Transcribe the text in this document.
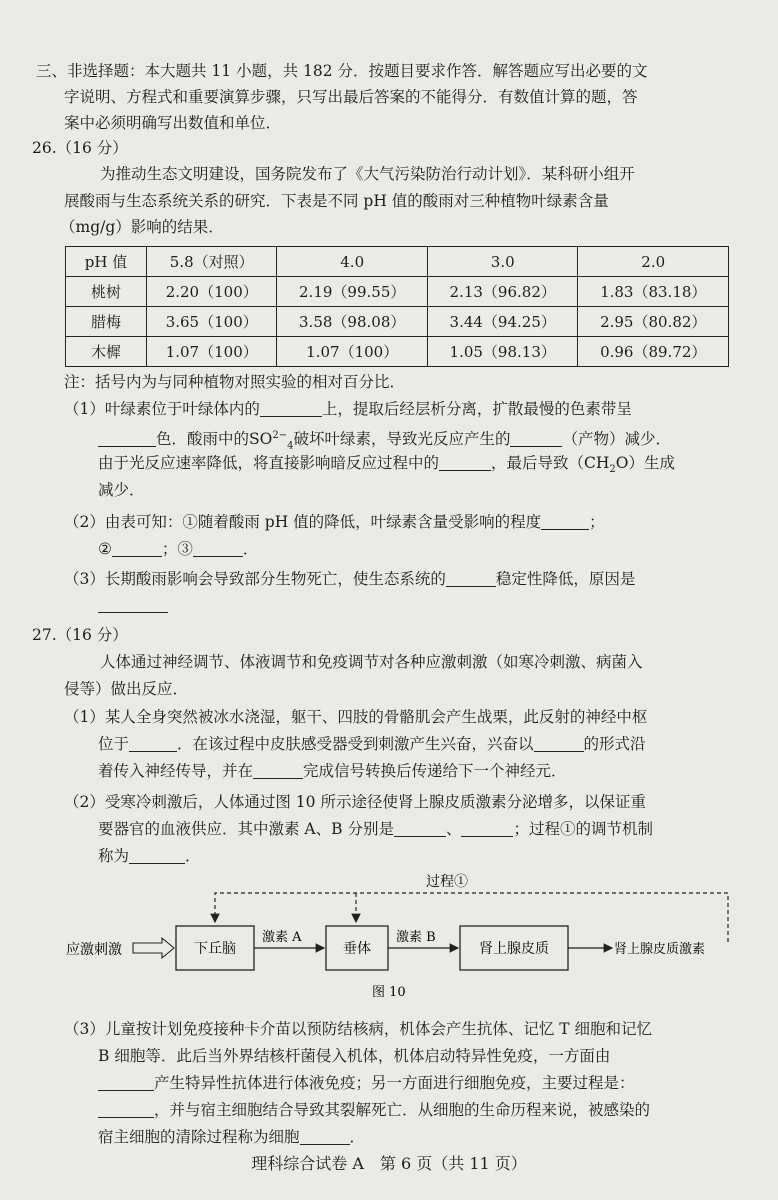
三、非选择题：本大题共 11 小题，共 182 分．按题目要求作答．解答题应写出必要的文
字说明、方程式和重要演算步骤，只写出最后答案的不能得分．有数值计算的题，答
案中必须明确写出数值和单位．
26.（16 分）
为推动生态文明建设，国务院发布了《大气污染防治行动计划》．某科研小组开
展酸雨与生态系统关系的研究．下表是不同 pH 值的酸雨对三种植物叶绿素含量
（mg/g）影响的结果．
pH 值	5.8（对照）	4.0	3.0	2.0
桃树	2.20（100）	2.19（99.55）	2.13（96.82）	1.83（83.18）
腊梅	3.65（100）	3.58（98.08）	3.44（94.25）	2.95（80.82）
木樨	1.07（100）	1.07（100）	1.05（98.13）	0.96（89.72）
注：括号内为与同种植物对照实验的相对百分比．
（1）叶绿素位于叶绿体内的	上，提取后经层析分离，扩散最慢的色素带呈
色．酸雨中的$SO^{2-}_4$破坏叶绿素，导致光反应产生的	（产物）减少．
由于光反应速率降低，将直接影响暗反应过程中的	，最后导致$(CH_2O)$生成
减少．
（2）由表可知：①随着酸雨 pH 值的降低，叶绿素含量受影响的程度	；
②	；③	．
（3）长期酸雨影响会导致部分生物死亡，使生态系统的	稳定性降低，原因是
27.（16 分）
人体通过神经调节、体液调节和免疫调节对各种应激刺激（如寒冷刺激、病菌入
侵等）做出反应．
（1）某人全身突然被冰水浇湿，躯干、四肢的骨骼肌会产生战栗，此反射的神经中枢
位于	．在该过程中皮肤感受器受到刺激产生兴奋，兴奋以	的形式沿
着传入神经传导，并在	完成信号转换后传递给下一个神经元．
（2）受寒冷刺激后，人体通过图 10 所示途径使肾上腺皮质激素分泌增多，以保证重
要器官的血液供应．其中激素 A、B 分别是	、	；过程①的调节机制
称为	．
过程①
应激刺激	下丘脑
激素 A
垂体
激素 B
肾上腺皮质	肾上腺皮质激素
图 10
（3）儿童按计划免疫接种卡介苗以预防结核病，机体会产生抗体、记忆 T 细胞和记忆
B 细胞等．此后当外界结核杆菌侵入机体，机体启动特异性免疫，一方面由
产生特异性抗体进行体液免疫；另一方面进行细胞免疫，主要过程是：
，并与宿主细胞结合导致其裂解死亡．从细胞的生命历程来说，被感染的
宿主细胞的清除过程称为细胞	．
理科综合试卷 A　第 6 页（共 11 页）
